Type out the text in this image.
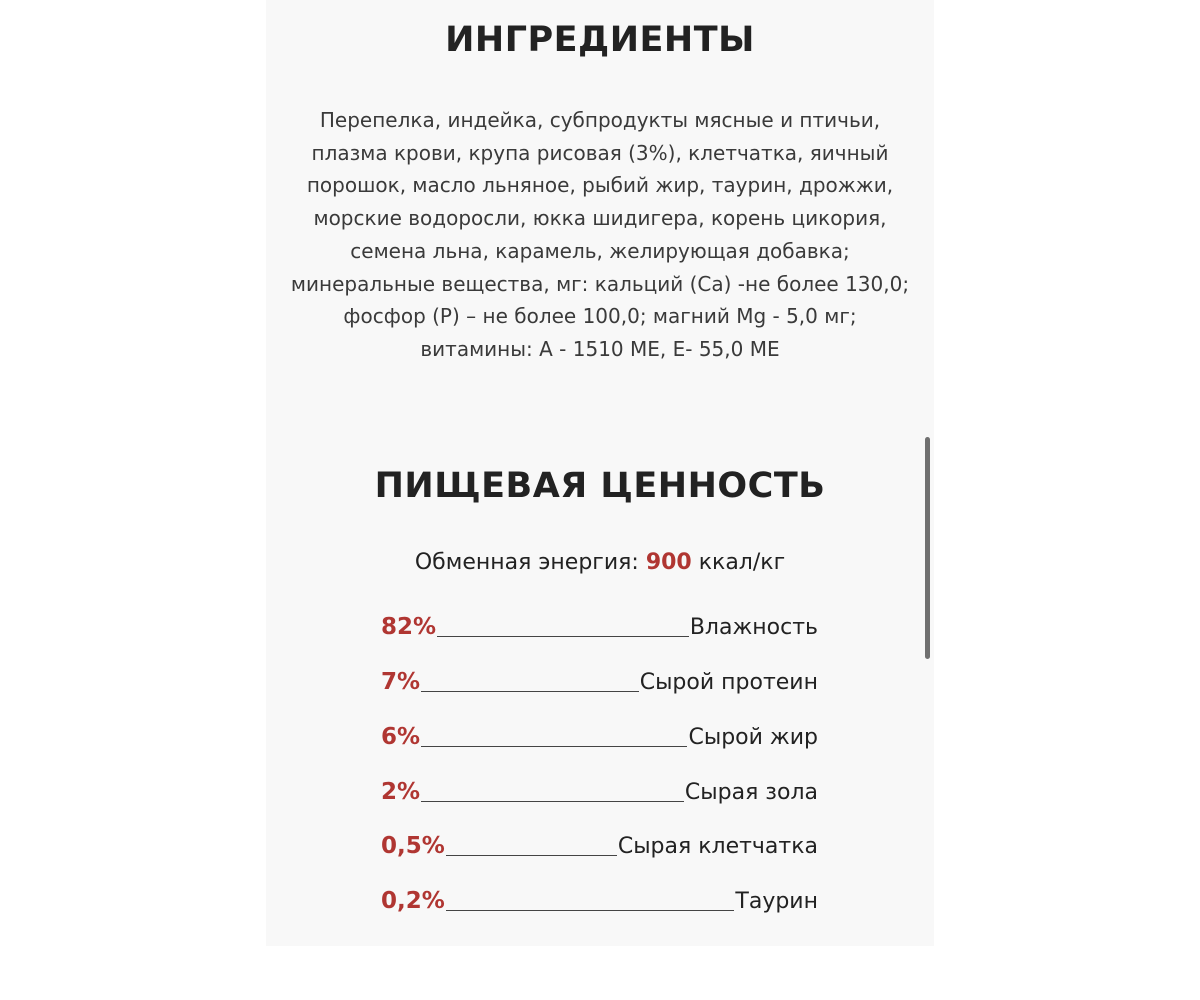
ИНГРЕДИЕНТЫ

Перепелка, индейка, субпродукты мясные и птичьи,
плазма крови, крупа рисовая (3%), клетчатка, яичный
порошок, масло льняное, рыбий жир, таурин, дрожжи,
морские водоросли, юкка шидигера, корень цикория,
семена льна, карамель, желирующая добавка;
минеральные вещества, мг: кальций (Са) -не более 130,0;
фосфор (Р) – не более 100,0; магний Mg - 5,0 мг;
витамины: А - 1510 МЕ, Е- 55,0 МЕ

ПИЩЕВАЯ ЦЕННОСТЬ
Обменная энергия: 900 ккал/кг
82%	Влажность
7%	Сырой протеин
6%	Сырой жир
2%	Сырая зола
0,5%	Сырая клетчатка
0,2%	Таурин
